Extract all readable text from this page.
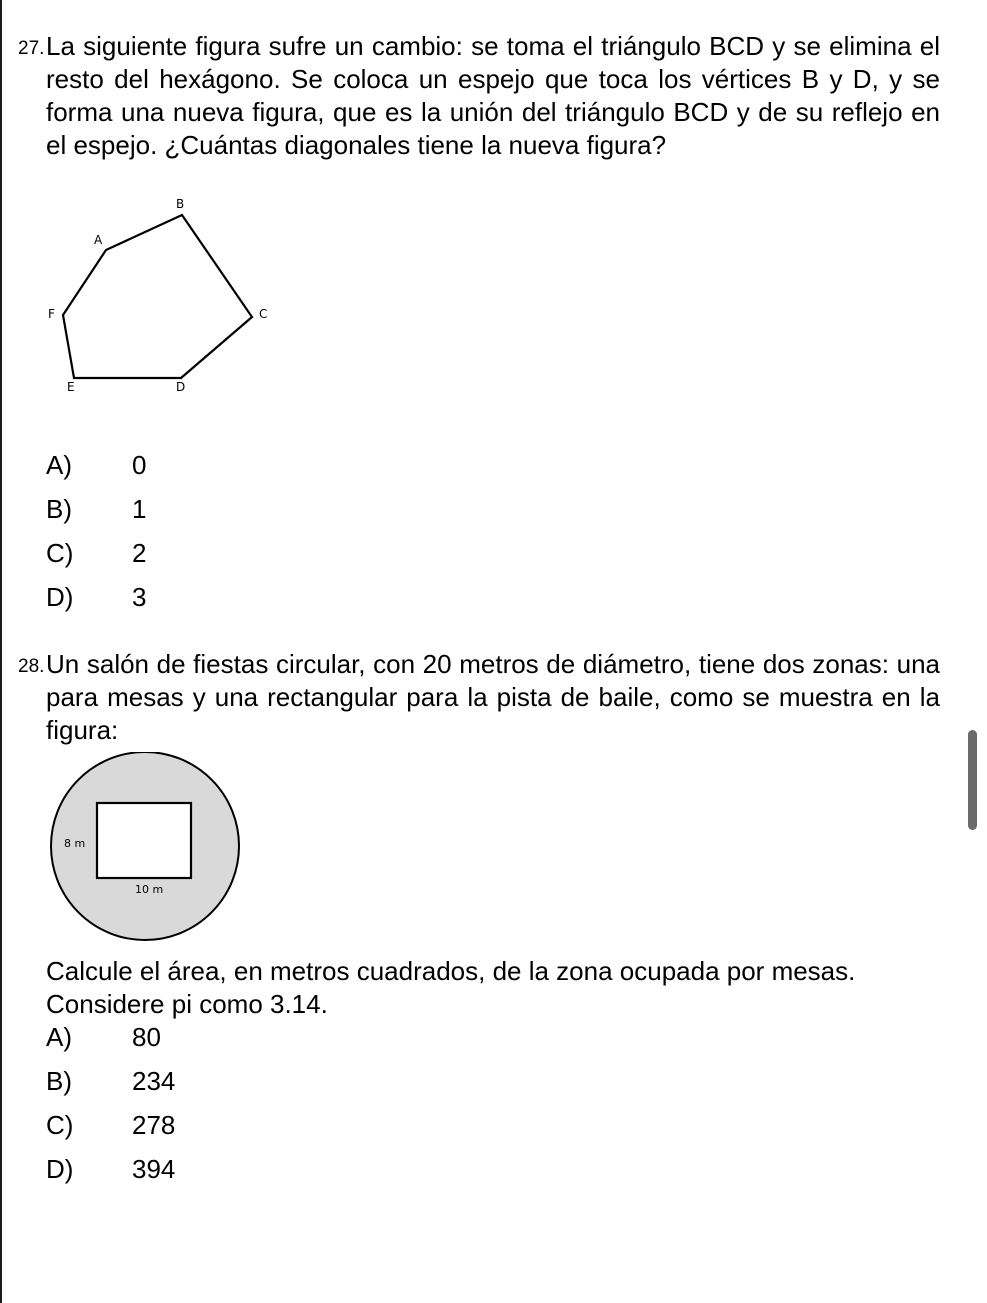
27. La siguiente figura sufre un cambio: se toma el triángulo BCD y se elimina el resto del hexágono. Se coloca un espejo que toca los vértices B y D, y se forma una nueva figura, que es la unión del triángulo BCD y de su reflejo en el espejo. ¿Cuántas diagonales tiene la nueva figura?
B
A
F	C
E	D
A) 0
B) 1
C) 2
D) 3
28. Un salón de fiestas circular, con 20 metros de diámetro, tiene dos zonas: una para mesas y una rectangular para la pista de baile, como se muestra en la figura:
8 m
10 m
Calcule el área, en metros cuadrados, de la zona ocupada por mesas. Considere pi como 3.14.
A) 80
B) 234
C) 278
D) 394
